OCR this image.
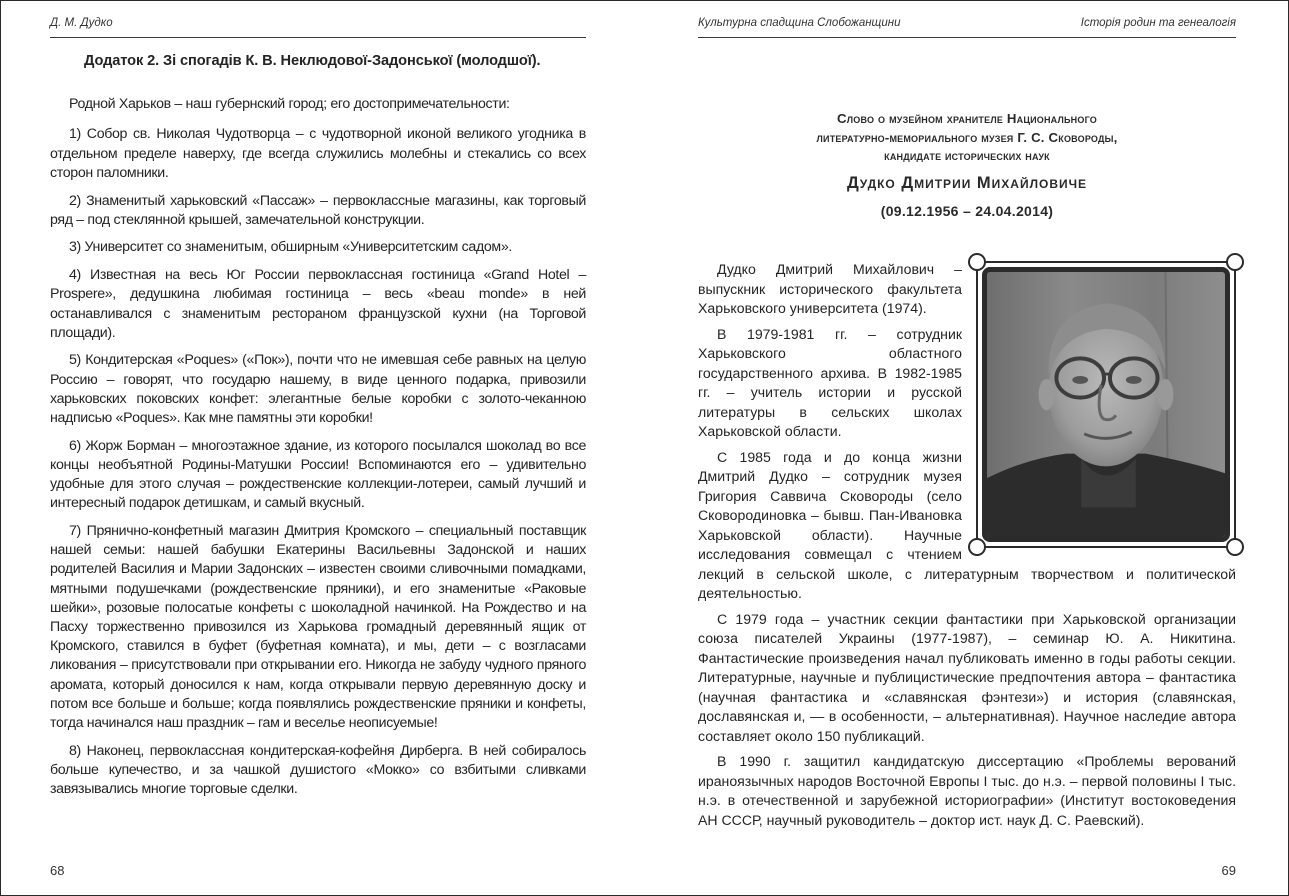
Д. М. Дудко
Додаток 2. Зі спогадів К. В. Неклюдової-Задонської (молодшої).

Родной Харьков – наш губернский город; его достопримечательности:

1) Собор св. Николая Чудотворца – с чудотворной иконой великого угодника в отдельном пределе наверху, где всегда служились молебны и стекались со всех сторон паломники.

2) Знаменитый харьковский «Пассаж» – первоклассные магазины, как торговый ряд – под стеклянной крышей, замечательной конструкции.

3) Университет со знаменитым, обширным «Университетским садом».

4) Известная на весь Юг России первоклассная гостиница «Grand Hotel – Prospere», дедушкина любимая гостиница – весь «beau monde» в ней останавливался с знаменитым рестораном французской кухни (на Торговой площади).

5) Кондитерская «Poques» («Пок»), почти что не имевшая себе равных на целую Россию – говорят, что государю нашему, в виде ценного подарка, привозили харьковских поковских конфет: элегантные белые коробки с золото-чеканною надписью «Poques». Как мне памятны эти коробки!

6) Жорж Борман – многоэтажное здание, из которого посылался шоколад во все концы необъятной Родины-Матушки России! Вспоминаются его – удивительно удобные для этого случая – рождественские коллекции-лотереи, самый лучший и интересный подарок детишкам, и самый вкусный.

7) Прянично-конфетный магазин Дмитрия Кромского – специальный поставщик нашей семьи: нашей бабушки Екатерины Васильевны Задонской и наших родителей Василия и Марии Задонских – известен своими сливочными помадками, мятными подушечками (рождественские пряники), и его знаменитые «Раковые шейки», розовые полосатые конфеты с шоколадной начинкой. На Рождество и на Пасху торжественно привозился из Харькова громадный деревянный ящик от Кромского, ставился в буфет (буфетная комната), и мы, дети – с возгласами ликования – присутствовали при открывании его. Никогда не забуду чудного пряного аромата, который доносился к нам, когда открывали первую деревянную доску и потом все больше и больше; когда появлялись рождественские пряники и конфеты, тогда начинался наш праздник – гам и веселье неописуемые!

8) Наконец, первоклассная кондитерская-кофейня Дирберга. В ней собиралось больше купечество, и за чашкой душистого «Мокко» со взбитыми сливками завязывались многие торговые сделки.

68
Культурна спадщина Слобожанщини	Історія родин та генеалогія
Слово о музейном хранителе Национального
литературно-мемориального музея Г. С. Сковороды,
кандидате исторических наук
Дудко Дмитрии Михайловиче
(09.12.1956 – 24.04.2014)

Дудко Дмитрий Михайлович – выпускник исторического факультета Харьковского университета (1974).

В 1979-1981 гг. – сотрудник Харьковского областного государственного архива. В 1982-1985 гг. – учитель истории и русской литературы в сельских школах Харьковской области.

С 1985 года и до конца жизни Дмитрий Дудко – сотрудник музея Григория Саввича Сковороды (село Сковородиновка – бывш. Пан-Ивановка Харьковской области). Научные исследования совмещал с чтением лекций в сельской школе, с литературным творчеством и политической деятельностью.

С 1979 года – участник секции фантастики при Харьковской организации союза писателей Украины (1977-1987), – семинар Ю. А. Никитина. Фантастические произведения начал публиковать именно в годы работы секции. Литературные, научные и публицистические предпочтения автора – фантастика (научная фантастика и «славянская фэнтези») и история (славянская, дославянская и, — в особенности, – альтернативная). Научное наследие автора составляет около 150 публикаций.

В 1990 г. защитил кандидатскую диссертацию «Проблемы верований ираноязычных народов Восточной Европы I тыс. до н.э. – первой половины I тыс. н.э. в отечественной и зарубежной историографии» (Институт востоковедения АН СССР, научный руководитель – доктор ист. наук Д. С. Раевский).

69
